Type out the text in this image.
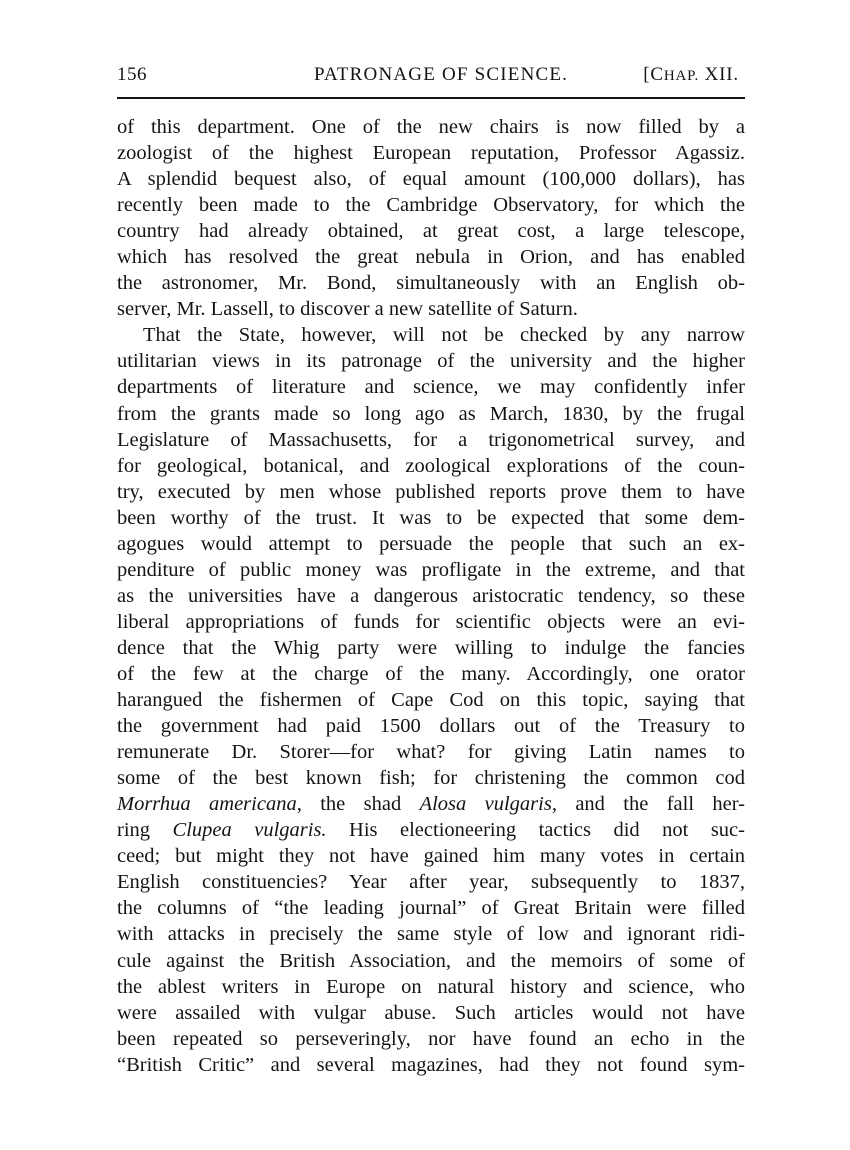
156	PATRONAGE OF SCIENCE.	[CHAP. XII.
of this department. One of the new chairs is now filled by a
zoologist of the highest European reputation, Professor Agassiz.
A splendid bequest also, of equal amount (100,000 dollars), has
recently been made to the Cambridge Observatory, for which the
country had already obtained, at great cost, a large telescope,
which has resolved the great nebula in Orion, and has enabled
the astronomer, Mr. Bond, simultaneously with an English ob-
server, Mr. Lassell, to discover a new satellite of Saturn.
That the State, however, will not be checked by any narrow
utilitarian views in its patronage of the university and the higher
departments of literature and science, we may confidently infer
from the grants made so long ago as March, 1830, by the frugal
Legislature of Massachusetts, for a trigonometrical survey, and
for geological, botanical, and zoological explorations of the coun-
try, executed by men whose published reports prove them to have
been worthy of the trust. It was to be expected that some dem-
agogues would attempt to persuade the people that such an ex-
penditure of public money was profligate in the extreme, and that
as the universities have a dangerous aristocratic tendency, so these
liberal appropriations of funds for scientific objects were an evi-
dence that the Whig party were willing to indulge the fancies
of the few at the charge of the many. Accordingly, one orator
harangued the fishermen of Cape Cod on this topic, saying that
the government had paid 1500 dollars out of the Treasury to
remunerate Dr. Storer—for what? for giving Latin names to
some of the best known fish; for christening the common cod
Morrhua americana, the shad Alosa vulgaris, and the fall her-
ring Clupea vulgaris. His electioneering tactics did not suc-
ceed; but might they not have gained him many votes in certain
English constituencies? Year after year, subsequently to 1837,
the columns of “the leading journal” of Great Britain were filled
with attacks in precisely the same style of low and ignorant ridi-
cule against the British Association, and the memoirs of some of
the ablest writers in Europe on natural history and science, who
were assailed with vulgar abuse. Such articles would not have
been repeated so perseveringly, nor have found an echo in the
“British Critic” and several magazines, had they not found sym-
